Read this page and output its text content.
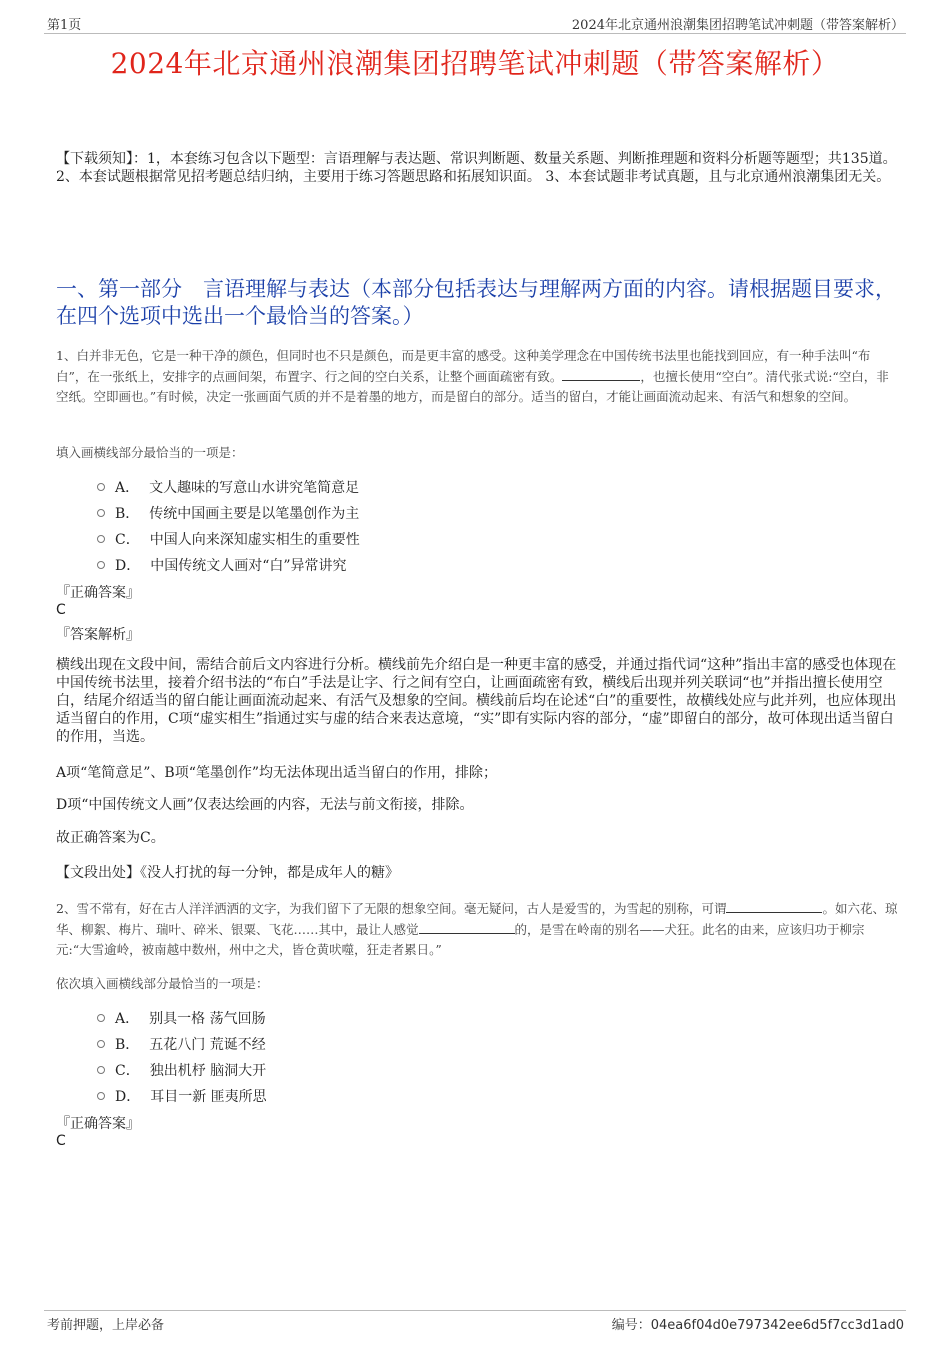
第1页	2024年北京通州浪潮集团招聘笔试冲刺题（带答案解析）
2024年北京通州浪潮集团招聘笔试冲刺题（带答案解析）
【下载须知】：1，本套练习包含以下题型：言语理解与表达题、常识判断题、数量关系题、判断推理题和资料分析题等题型；共135道。 2、本套试题根据常见招考题总结归纳，主要用于练习答题思路和拓展知识面。 3、本套试题非考试真题，且与北京通州浪潮集团无关。
一、第一部分　言语理解与表达（本部分包括表达与理解两方面的内容。请根据题目要求，在四个选项中选出一个最恰当的答案。）
1、白并非无色，它是一种干净的颜色，但同时也不只是颜色，而是更丰富的感受。这种美学理念在中国传统书法里也能找到回应，有一种手法叫“布白”，在一张纸上，安排字的点画间架，布置字、行之间的空白关系，让整个画面疏密有致。	，也擅长使用“空白”。清代张式说:“空白，非空纸。空即画也。”有时候，决定一张画面气质的并不是着墨的地方，而是留白的部分。适当的留白，才能让画面流动起来、有活气和想象的空间。
填入画横线部分最恰当的一项是：
A． 文人趣味的写意山水讲究笔简意足
B． 传统中国画主要是以笔墨创作为主
C． 中国人向来深知虚实相生的重要性
D． 中国传统文人画对“白”异常讲究
『正确答案』
C
『答案解析』
横线出现在文段中间，需结合前后文内容进行分析。横线前先介绍白是一种更丰富的感受，并通过指代词“这种”指出丰富的感受也体现在中国传统书法里，接着介绍书法的“布白”手法是让字、行之间有空白，让画面疏密有致，横线后出现并列关联词“也”并指出擅长使用空白，结尾介绍适当的留白能让画面流动起来、有活气及想象的空间。横线前后均在论述“白”的重要性，故横线处应与此并列，也应体现出适当留白的作用，C项“虚实相生”指通过实与虚的结合来表达意境，“实”即有实际内容的部分，“虚”即留白的部分，故可体现出适当留白的作用，当选。
A项“笔简意足”、B项“笔墨创作”均无法体现出适当留白的作用，排除；
D项“中国传统文人画”仅表达绘画的内容，无法与前文衔接，排除。
故正确答案为C。
【文段出处】《没人打扰的每一分钟，都是成年人的糖》
2、雪不常有，好在古人洋洋洒洒的文字，为我们留下了无限的想象空间。毫无疑问，古人是爱雪的，为雪起的别称，可谓	。如六花、琼华、柳絮、梅片、瑞叶、碎米、银粟、飞花……其中，最让人感觉	的，是雪在岭南的别名——犬狂。此名的由来，应该归功于柳宗元:“大雪逾岭，被南越中数州，州中之犬，皆仓黄吠噬，狂走者累日。”
依次填入画横线部分最恰当的一项是：
A． 别具一格 荡气回肠
B． 五花八门 荒诞不经
C． 独出机杼 脑洞大开
D． 耳目一新 匪夷所思
『正确答案』
C
考前押题，上岸必备	编号：04ea6f04d0e797342ee6d5f7cc3d1ad0
